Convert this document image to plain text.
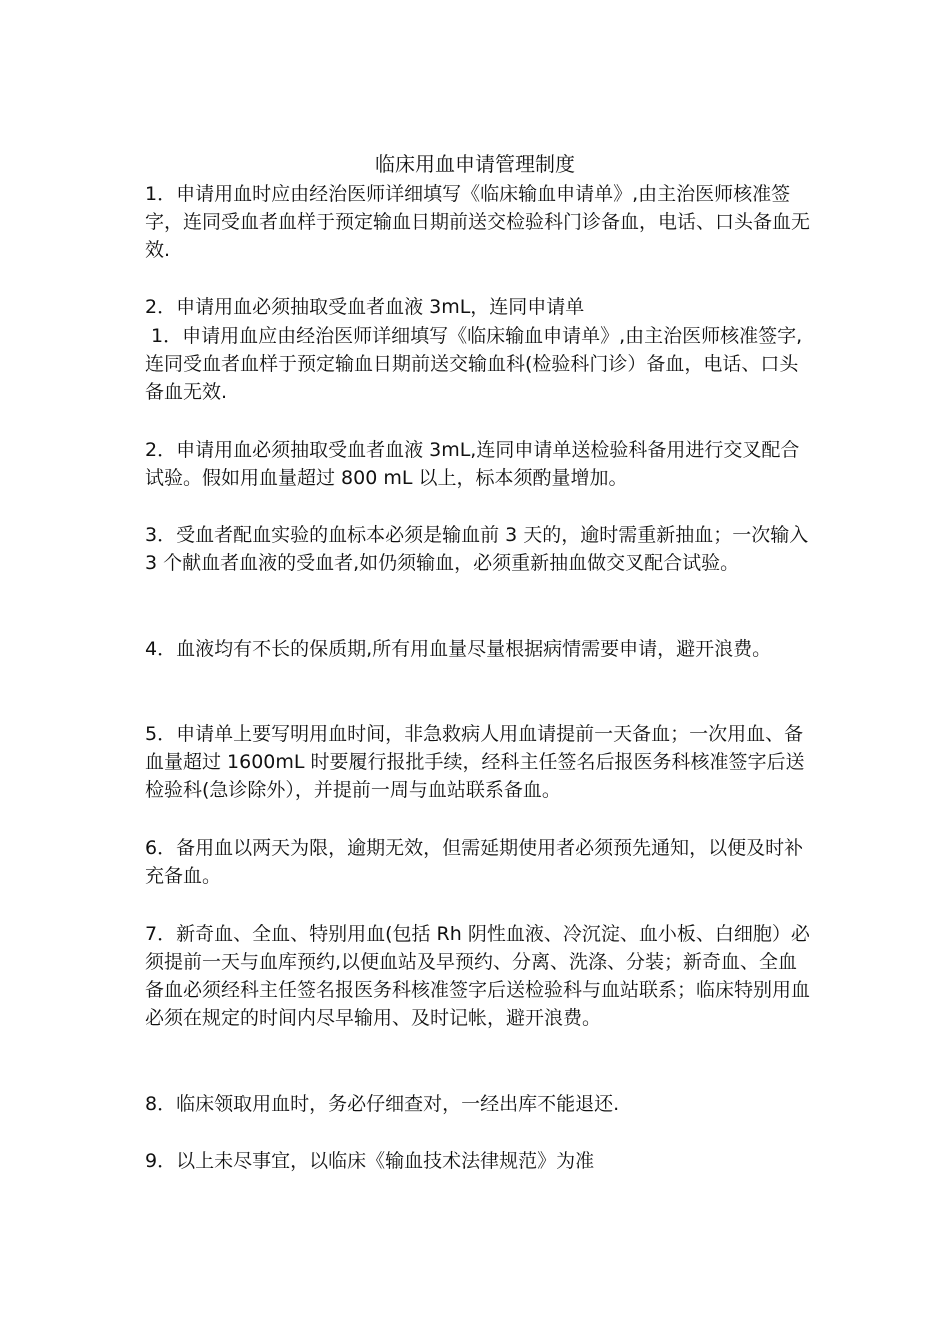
临床用血申请管理制度

1．申请用血时应由经治医师详细填写《临床输血申请单》,由主治医师核准签字，连同受血者血样于预定输血日期前送交检验科门诊备血，电话、口头备血无效.

2．申请用血必须抽取受血者血液 3mL，连同申请单

1．申请用血应由经治医师详细填写《临床输血申请单》,由主治医师核准签字,连同受血者血样于预定输血日期前送交输血科(检验科门诊）备血，电话、口头备血无效.

2．申请用血必须抽取受血者血液 3mL,连同申请单送检验科备用进行交叉配合试验。假如用血量超过 800 mL 以上，标本须酌量增加。

3．受血者配血实验的血标本必须是输血前 3 天的，逾时需重新抽血；一次输入 3 个献血者血液的受血者,如仍须输血，必须重新抽血做交叉配合试验。

4．血液均有不长的保质期,所有用血量尽量根据病情需要申请，避开浪费。

5．申请单上要写明用血时间，非急救病人用血请提前一天备血；一次用血、备血量超过 1600mL 时要履行报批手续，经科主任签名后报医务科核准签字后送检验科(急诊除外），并提前一周与血站联系备血。

6．备用血以两天为限，逾期无效，但需延期使用者必须预先通知，以便及时补充备血。

7．新奇血、全血、特别用血(包括 Rh 阴性血液、冷沉淀、血小板、白细胞）必须提前一天与血库预约,以便血站及早预约、分离、洗涤、分装；新奇血、全血备血必须经科主任签名报医务科核准签字后送检验科与血站联系；临床特别用血必须在规定的时间内尽早输用、及时记帐，避开浪费。

8．临床领取用血时，务必仔细查对，一经出库不能退还.

9．以上未尽事宜，以临床《输血技术法律规范》为准
